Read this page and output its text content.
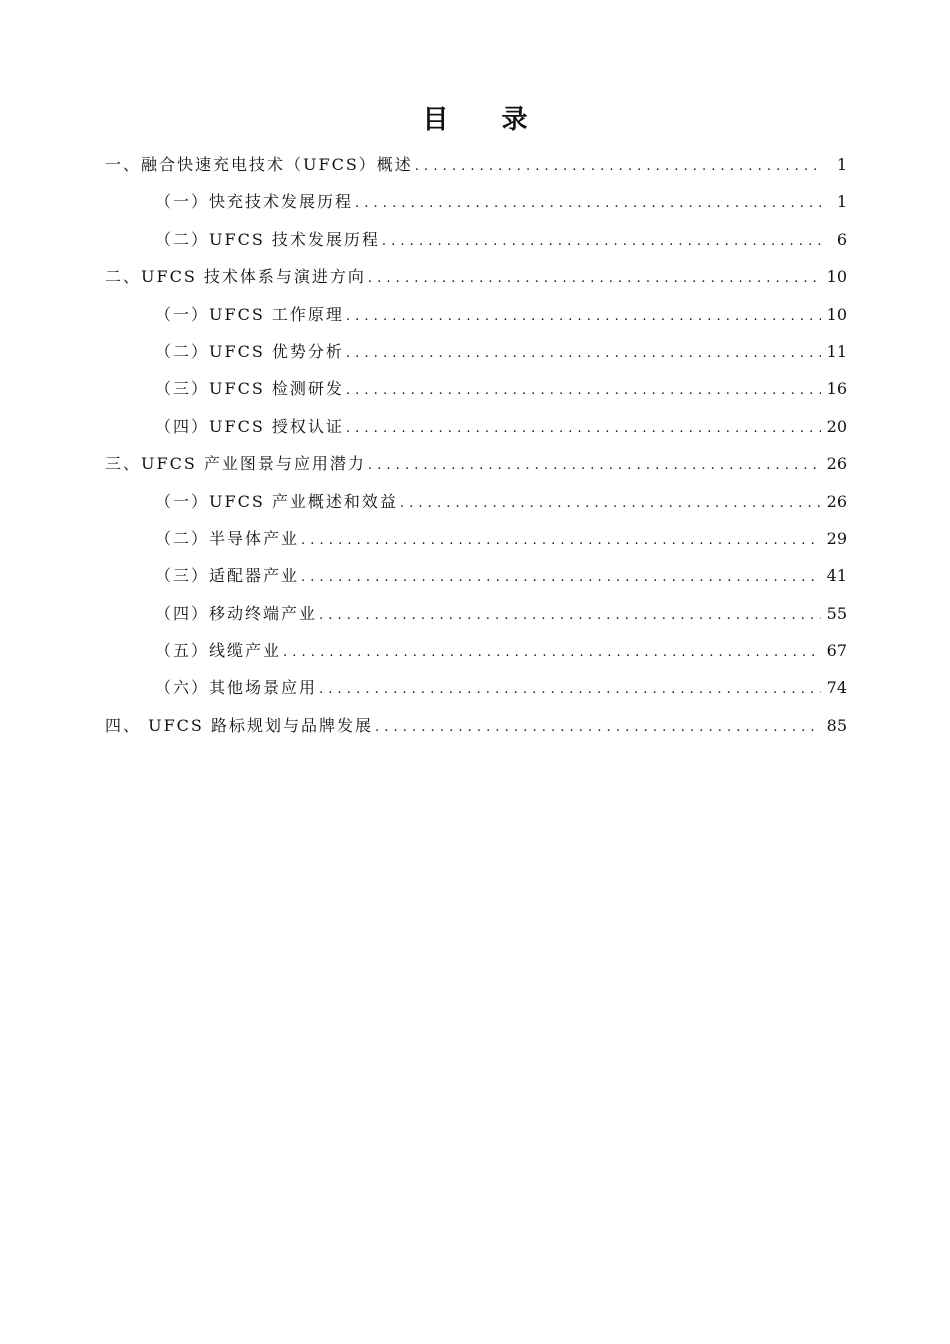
目 录
一、融合快速充电技术（UFCS）概述 . . .	1
（一）快充技术发展历程 . . .	1
（二）UFCS 技术发展历程 . . .	6
二、UFCS 技术体系与演进方向 . . .	10
（一）UFCS 工作原理 . . .	10
（二）UFCS 优势分析 . . .	11
（三）UFCS 检测研发 . . .	16
（四）UFCS 授权认证 . . .	20
三、UFCS 产业图景与应用潜力 . . .	26
（一）UFCS 产业概述和效益 . . .	26
（二）半导体产业 . . .	29
（三）适配器产业 . . .	41
（四）移动终端产业 . . .	55
（五）线缆产业 . . .	67
（六）其他场景应用 . . .	74
四、 UFCS 路标规划与品牌发展 . . .	85
